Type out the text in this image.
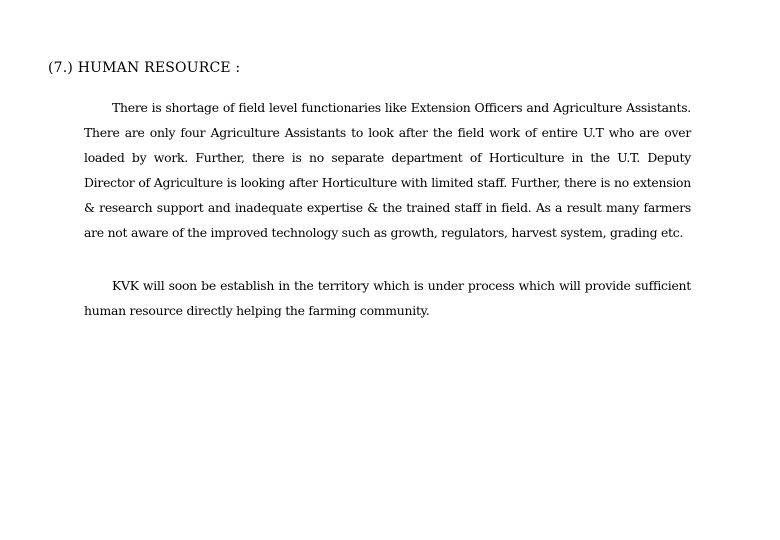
(7.) HUMAN RESOURCE :

There is shortage of field level functionaries like Extension Officers and Agriculture Assistants. There are only four Agriculture Assistants to look after the field work of entire U.T who are over loaded by work. Further, there is no separate department of Horticulture in the U.T. Deputy Director of Agriculture is looking after Horticulture with limited staff. Further, there is no extension & research support and inadequate expertise & the trained staff in field. As a result many farmers are not aware of the improved technology such as growth, regulators, harvest system, grading etc.

KVK will soon be establish in the territory which is under process which will provide sufficient human resource directly helping the farming community.
